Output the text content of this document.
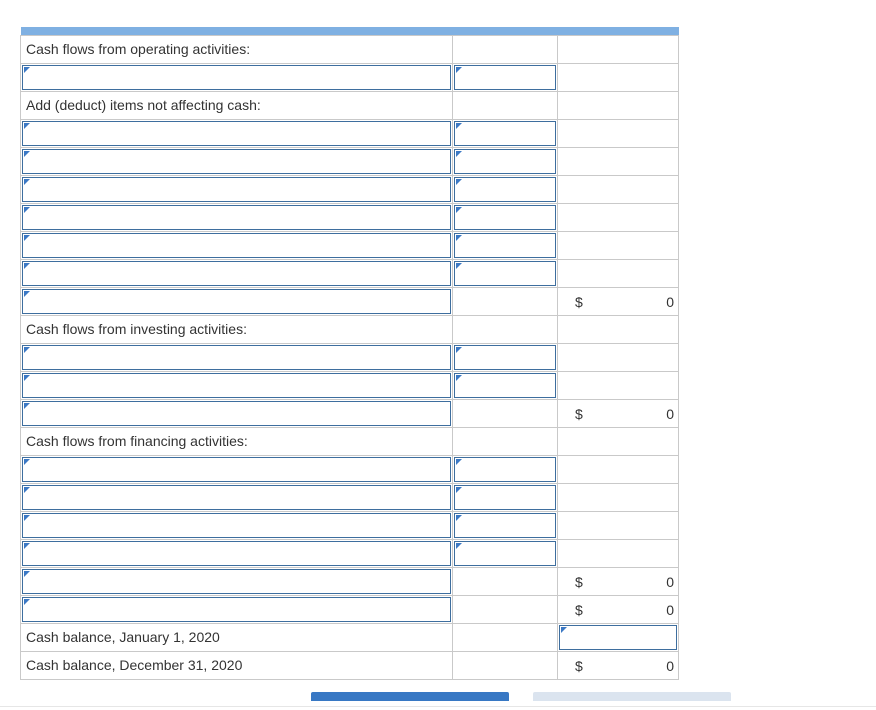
Cash flows from operating activities:		

Add (deduct) items not affecting cash:		

		$ 0

Cash flows from investing activities:		

		$ 0

Cash flows from financing activities:		

		$ 0

		$ 0

Cash balance, January 1, 2020		

Cash balance, December 31, 2020		$ 0
